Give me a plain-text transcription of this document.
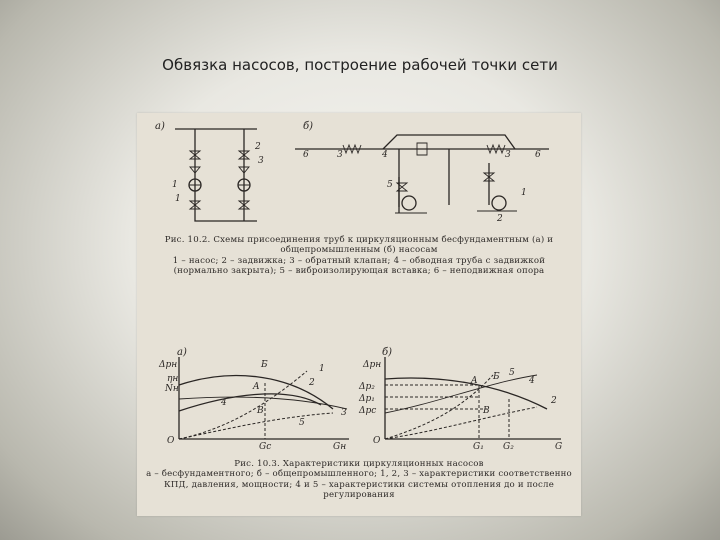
Обвязка насосов, построение рабочей точки сети
а)
2
3
1
1
б)
6	3	4	3	6
5
1
2
а)
Δpн
Gн
O
ηн
Nн
Gc
Б
A
B
1
2
3
4
5
б)
Δpн
G
O
Δp₂
Δp₁
Δpc
G₁ G₂
A Б
B
5
4
2
Рис. 10.2. Схемы присоединения труб к циркуляционным бесфундаментным (а) и общепромышленным (б) насосам
1 – насос; 2 – задвижка; 3 – обратный клапан; 4 – обводная труба с задвижкой (нормально закрыта); 5 – виброизолирующая вставка; 6 – неподвижная опора
Рис. 10.3. Характеристики циркуляционных насосов
а – бесфундаментного; б – общепромышленного; 1, 2, 3 – характеристики соответственно КПД, давления, мощности; 4 и 5 – характеристики системы отопления до и после регулирования
